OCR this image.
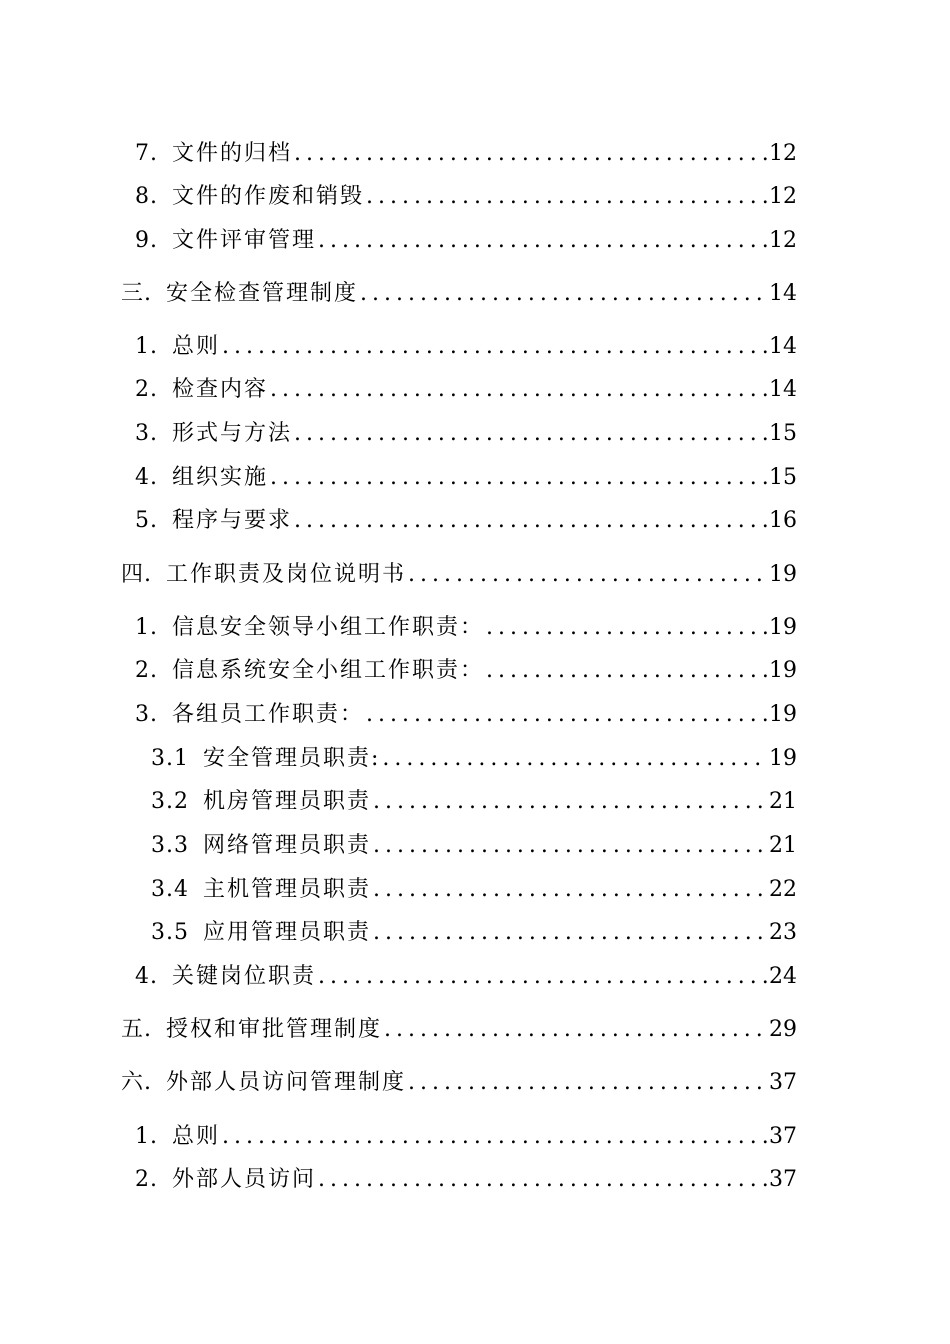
7. 文件的归档 .....	12
8. 文件的作废和销毁 .....	12
9. 文件评审管理 .....	12
三. 安全检查管理制度 .....	14
1. 总则 .....	14
2. 检查内容 .....	14
3. 形式与方法 .....	15
4. 组织实施 .....	15
5. 程序与要求 .....	16
四. 工作职责及岗位说明书 .....	19
1. 信息安全领导小组工作职责： .....	19
2. 信息系统安全小组工作职责： .....	19
3. 各组员工作职责： .....	19
3.1 安全管理员职责: .....	19
3.2 机房管理员职责 .....	21
3.3 网络管理员职责 .....	21
3.4 主机管理员职责 .....	22
3.5 应用管理员职责 .....	23
4. 关键岗位职责 .....	24
五. 授权和审批管理制度 .....	29
六. 外部人员访问管理制度 .....	37
1. 总则 .....	37
2. 外部人员访问 .....	37
